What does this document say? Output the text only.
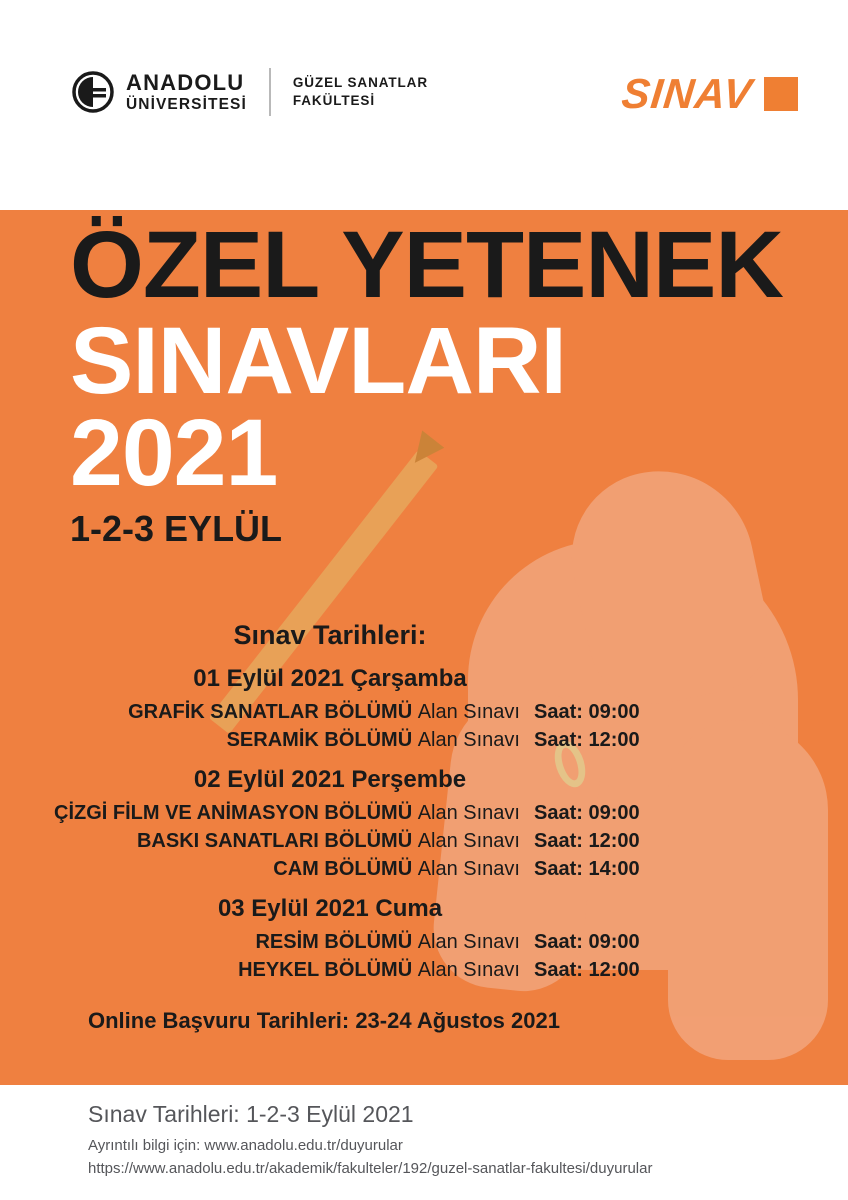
ANADOLU
ÜNİVERSİTESİ
GÜZEL SANATLAR
FAKÜLTESİ	SINAV
ÖZEL YETENEK
SINAVLARI
2021
1-2-3 EYLÜL
Sınav Tarihleri:
01 Eylül 2021 Çarşamba
GRAFİK SANATLAR BÖLÜMÜ Alan Sınavı Saat: 09:00
SERAMİK BÖLÜMÜ Alan Sınavı Saat: 12:00
02 Eylül 2021 Perşembe
ÇİZGİ FİLM VE ANİMASYON BÖLÜMÜ Alan Sınavı Saat: 09:00
BASKI SANATLARI BÖLÜMÜ Alan Sınavı Saat: 12:00
CAM BÖLÜMÜ Alan Sınavı Saat: 14:00
03 Eylül 2021 Cuma
RESİM BÖLÜMÜ Alan Sınavı Saat: 09:00
HEYKEL BÖLÜMÜ Alan Sınavı Saat: 12:00
Online Başvuru Tarihleri: 23-24 Ağustos 2021
Sınav Tarihleri: 1-2-3 Eylül 2021
Ayrıntılı bilgi için: www.anadolu.edu.tr/duyurular
https://www.anadolu.edu.tr/akademik/fakulteler/192/guzel-sanatlar-fakultesi/duyurular
